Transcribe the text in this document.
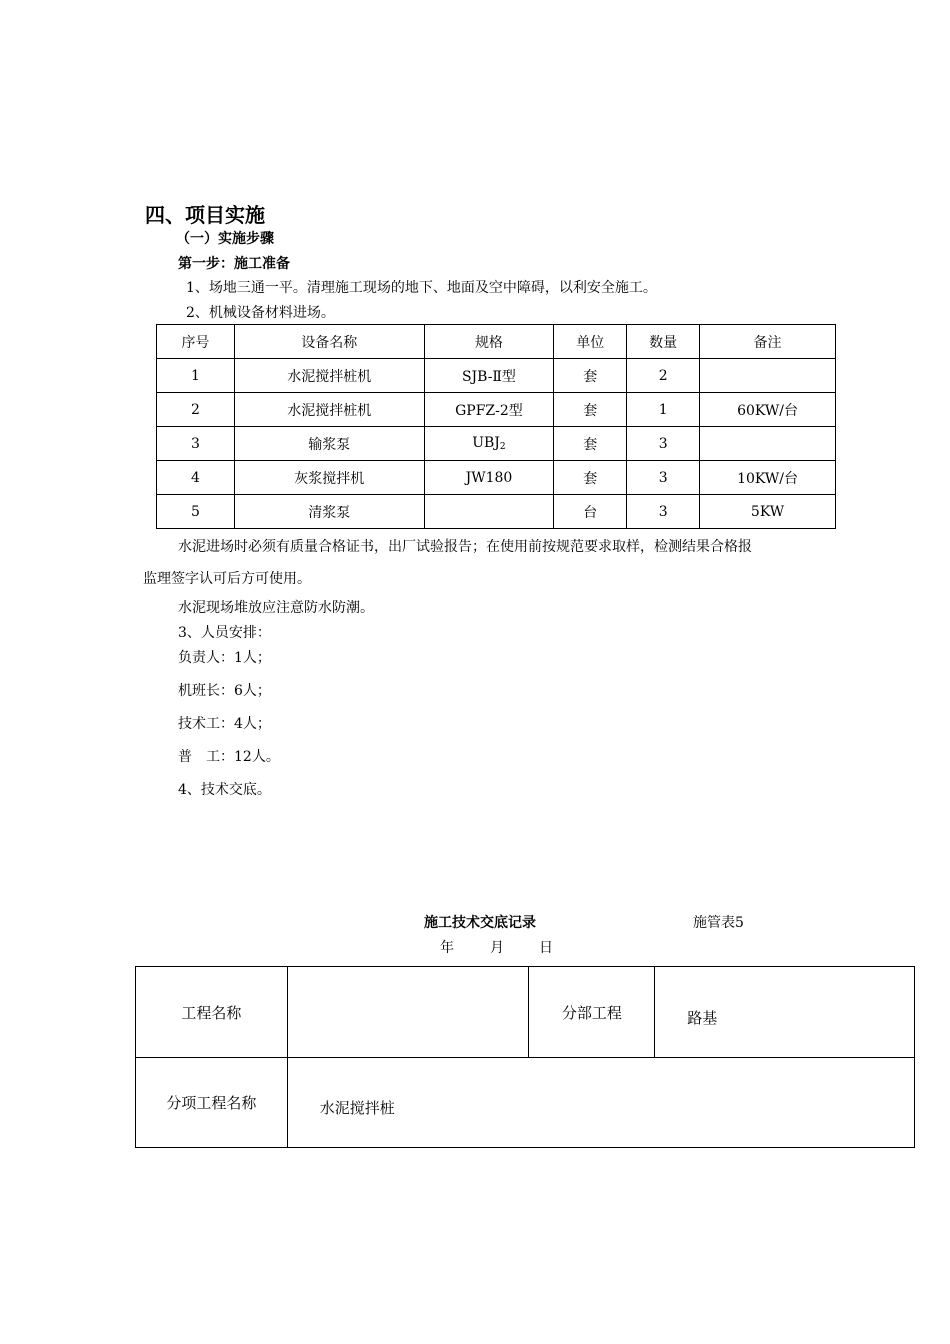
四、项目实施
（一）实施步骤
第一步：施工准备
1、场地三通一平。清理施工现场的地下、地面及空中障碍，以利安全施工。
2、机械设备材料进场。
序号	设备名称	规格	单位	数量	备注
1	水泥搅拌桩机	SJB-Ⅱ型	套	2	
2	水泥搅拌桩机	GPFZ-2型	套	1	60KW/台
3	输浆泵	$UBJ_2$	套	3	
4	灰浆搅拌机	JW180	套	3	10KW/台
5	清浆泵		台	3	5KW
水泥进场时必须有质量合格证书，出厂试验报告；在使用前按规范要求取样，检测结果合格报
监理签字认可后方可使用。
水泥现场堆放应注意防水防潮。
3、人员安排：
负责人：1人；
机班长：6人；
技术工：4人；
普　工：12人。
4、技术交底。
施工技术交底记录	施管表5
年	月	日
工程名称		分部工程	路基
分项工程名称	水泥搅拌桩		
